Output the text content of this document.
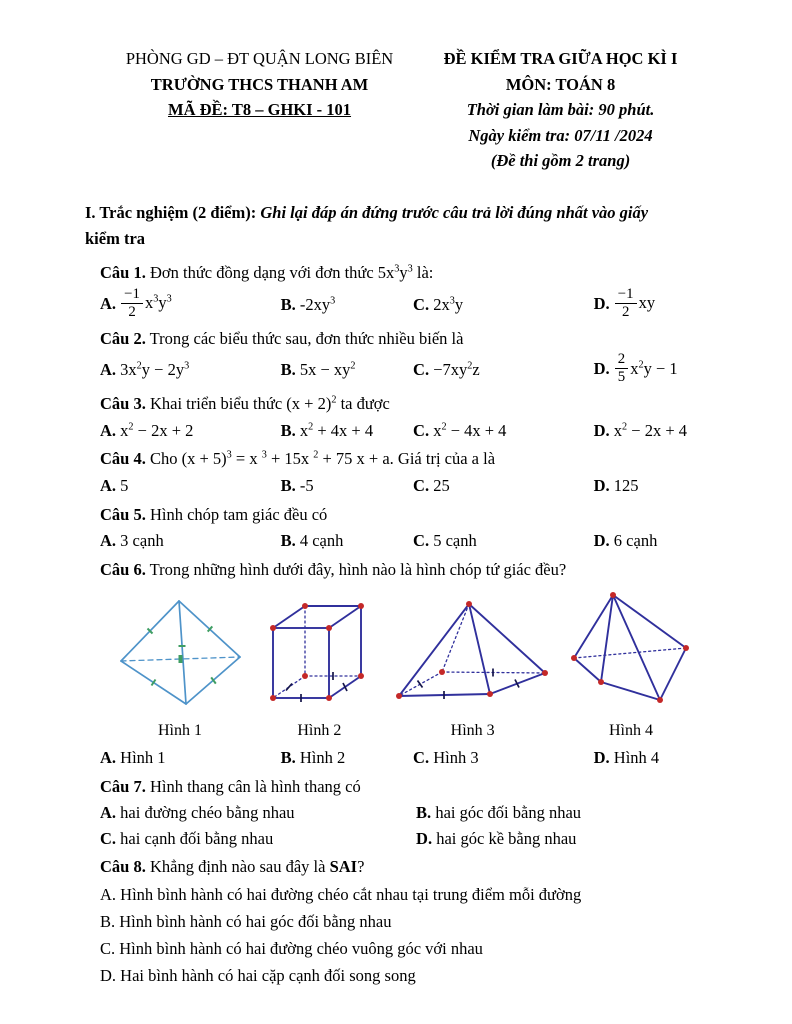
PHÒNG GD – ĐT QUẬN LONG BIÊN
TRƯỜNG THCS THANH AM
MÃ ĐỀ: T8 – GHKI - 101
ĐỀ KIỂM TRA GIỮA HỌC KÌ I
MÔN: TOÁN 8
Thời gian làm bài: 90 phút.
Ngày kiểm tra: 07/11 /2024
(Đề thi gồm 2 trang)
I. Trắc nghiệm (2 điểm): Ghi lại đáp án đứng trước câu trả lời đúng nhất vào giấy
kiểm tra

Câu 1. Đơn thức đồng dạng với đơn thức $5x^3y^3$ là:

A. $\frac{-1}{2} x^3y^3$	B. $-2xy^3$	C. $2x^3y$	D. $\frac{-1}{2}$ xy

Câu 2. Trong các biểu thức sau, đơn thức nhiều biến là

A. $3x^2y - 2y^3$	B. $5x - xy^2$	C. $-7xy^2z$	D. $\frac{2}{5} x^2y - 1$

Câu 3. Khai triển biểu thức $(x + 2)^2$ ta được

A. $x^2 - 2x + 2$	B. $x^2 + 4x + 4$	C. $x^2 - 4x + 4$	D. $x^2 - 2x + 4$

Câu 4. Cho $(x + 5)^3 = x$ $^3$ + 15x $^2$ + 75 x + a. Giá trị của a là

A. 5	B. -5	C. 25	D. 125

Câu 5. Hình chóp tam giác đều có

A. 3 cạnh	B. 4 cạnh	C. 5 cạnh	D. 6 cạnh

Câu 6. Trong những hình dưới đây, hình nào là hình chóp tứ giác đều?

Hình 1	Hình 2	Hình 3	Hình 4
A. Hình 1	B. Hình 2	C. Hình 3	D. Hình 4

Câu 7. Hình thang cân là hình thang có

A. hai đường chéo bằng nhau	B. hai góc đối bằng nhau
C. hai cạnh đối bằng nhau	D. hai góc kề bằng nhau

Câu 8. Khẳng định nào sau đây là SAI?

A. Hình bình hành có hai đường chéo cắt nhau tại trung điểm mỗi đường
B. Hình bình hành có hai góc đối bằng nhau
C. Hình bình hành có hai đường chéo vuông góc với nhau
D. Hai bình hành có hai cặp cạnh đối song song
